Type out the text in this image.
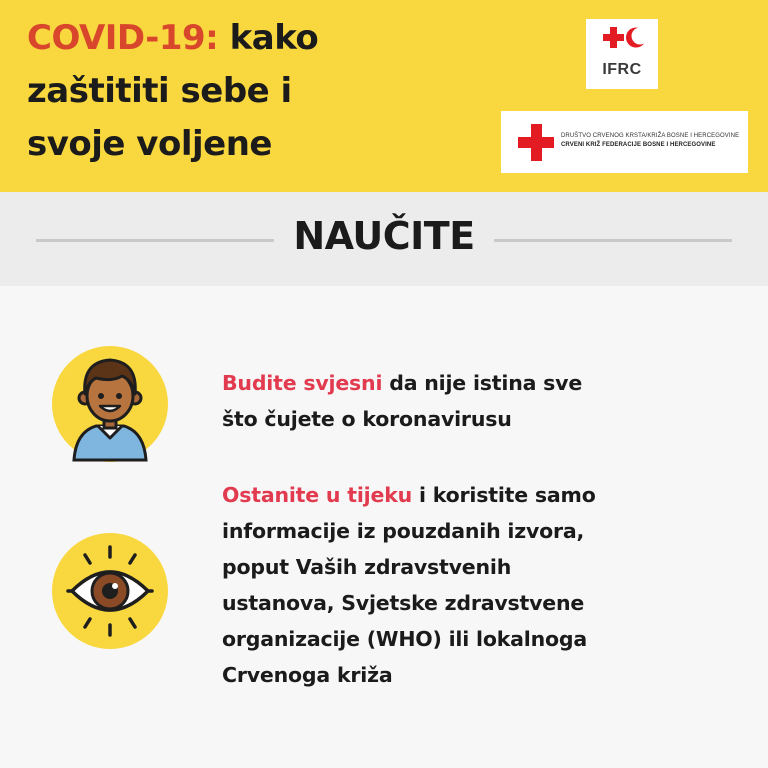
COVID-19: kako
zaštititi sebe i
svoje voljene
IFRC
DRUŠTVO CRVENOG KRSTA/KRIŽA BOSNE I HERCEGOVINE
CRVENI KRIŽ FEDERACIJE BOSNE I HERCEGOVINE
NAUČITE
Budite svjesni da nije istina sve
što čujete o koronavirusu
Ostanite u tijeku i koristite samo
informacije iz pouzdanih izvora,
poput Vaših zdravstvenih
ustanova, Svjetske zdravstvene
organizacije (WHO) ili lokalnoga
Crvenoga križa
